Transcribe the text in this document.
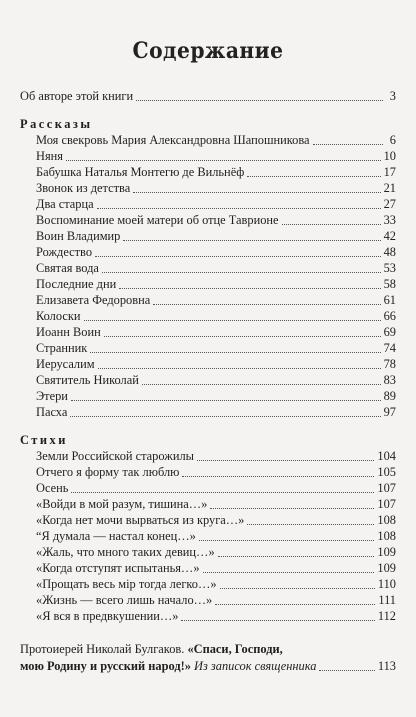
Содержание
Об авторе этой книги	3
Рассказы
Моя свекровь Мария Александровна Шапошникова	6
Няня	10
Бабушка Наталья Монтегю де Вильнёф	17
Звонок из детства	21
Два старца	27
Воспоминание моей матери об отце Таврионе	33
Воин Владимир	42
Рождество	48
Святая вода	53
Последние дни	58
Елизавета Федоровна	61
Колоски	66
Иоанн Воин	69
Странник	74
Иерусалим	78
Святитель Николай	83
Этери	89
Пасха	97
Стихи
Земли Российской старожилы	104
Отчего я форму так люблю	105
Осень	107
«Войди в мой разум, тишина…»	107
«Когда нет мочи вырваться из круга…»	108
“Я думала — настал конец…»	108
«Жаль, что много таких девиц…»	109
«Когда отступят испытанья…»	109
«Прощать весь мiр тогда легко…»	110
«Жизнь — всего лишь начало…»	111
«Я вся в предвкушении…»	112
Протоиерей Николай Булгаков. «Спаси, Господи,
мою Родину и русский народ!»
Из записок священника	113
